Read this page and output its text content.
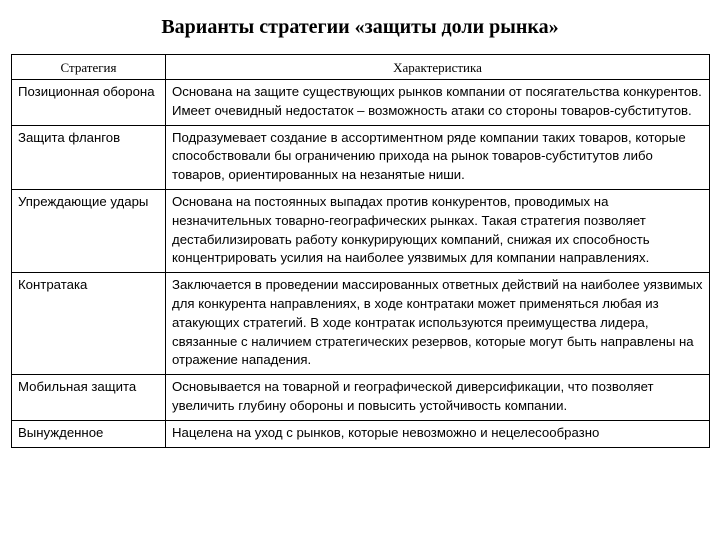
Варианты стратегии «защиты доли рынка»
Стратегия	Характеристика
Позиционная оборона	Основана на защите существующих рынков компании от посягательства конкурентов. Имеет очевидный недостаток – возможность атаки со стороны товаров-субститутов.
Защита флангов	Подразумевает создание в ассортиментном ряде компании таких товаров, которые способствовали бы ограничению прихода на рынок товаров-субститутов либо товаров, ориентированных на незанятые ниши.
Упреждающие удары	Основана на постоянных выпадах против конкурентов, проводимых на незначительных товарно-географических рынках. Такая стратегия позволяет дестабилизировать работу конкурирующих компаний, снижая их способность концентрировать усилия на наиболее уязвимых для компании направлениях.
Контратака	Заключается в проведении массированных ответных действий на наиболее уязвимых для конкурента направлениях, в ходе контратаки может применяться любая из атакующих стратегий. В ходе контратак используются преимущества лидера, связанные с наличием стратегических резервов, которые могут быть направлены на отражение нападения.
Мобильная защита	Основывается на товарной и географической диверсификации, что позволяет увеличить глубину обороны и повысить устойчивость компании.
Вынужденное	Нацелена на уход с рынков, которые невозможно и нецелесообразно
